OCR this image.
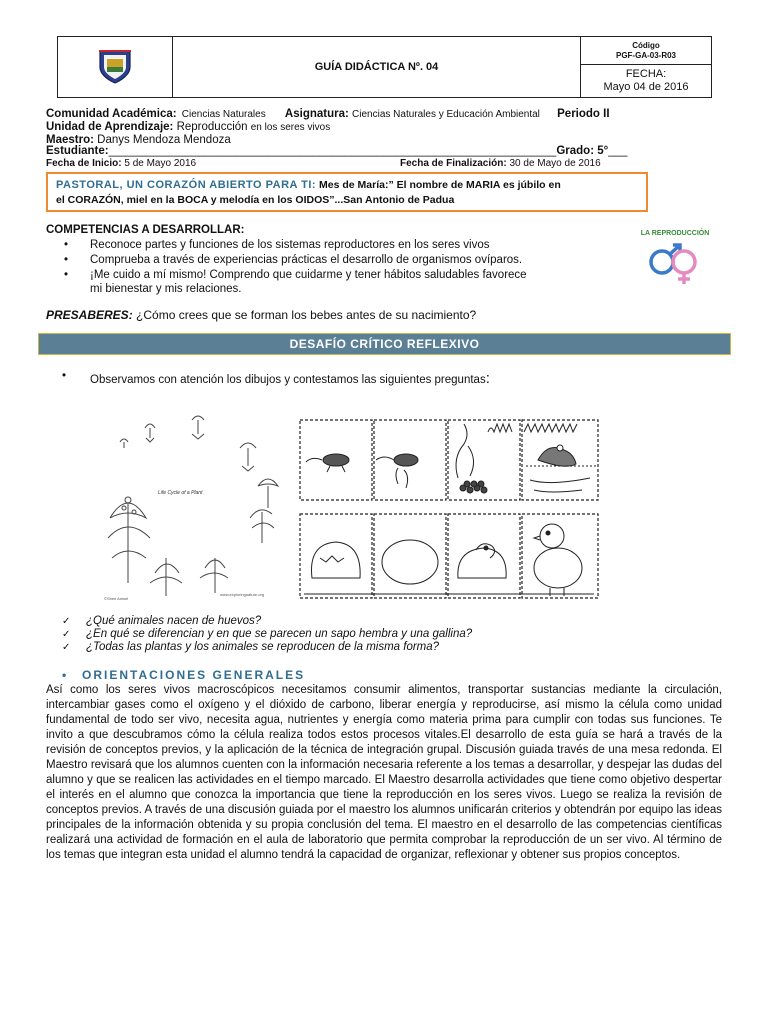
GUÍA DIDÁCTICA Nº. 04
Código
PGF-GA-03-R03
FECHA:
Mayo 04 de 2016
Comunidad Académica: Ciencias Naturales Asignatura: Ciencias Naturales y Educación Ambiental Periodo II
Unidad de Aprendizaje: Reproducción en los seres vivos
Maestro: Danys Mendoza Mendoza
Estudiante:______________________________________________________________________Grado: 5°___
Fecha de Inicio: 5 de Mayo 2016	Fecha de Finalización: 30 de Mayo de 2016
PASTORAL, UN CORAZÓN ABIERTO PARA TI: Mes de María:” El nombre de MARIA es júbilo en
el CORAZÓN, miel en la BOCA y melodía en los OIDOS”...San Antonio de Padua
COMPETENCIAS A DESARROLLAR:
• Reconoce partes y funciones de los sistemas reproductores en los seres vivos
• Comprueba a través de experiencias prácticas el desarrollo de organismos ovíparos.
• ¡Me cuido a mí mismo! Comprendo que cuidarme y tener hábitos saludables favorece
mi bienestar y mis relaciones.
LA REPRODUCCIÓN
PRESABERES: ¿Cómo crees que se forman los bebes antes de su nacimiento?
DESAFÍO CRÍTICO REFLEXIVO
• Observamos con atención los dibujos y contestamos las siguientes preguntas:
Life Cycle of a Plant
©Sheri Amsel
www.exploringnature.org
✓ ¿Qué animales nacen de huevos?
✓ ¿En qué se diferencian y en que se parecen un sapo hembra y una gallina?
✓ ¿Todas las plantas y los animales se reproducen de la misma forma?
• ORIENTACIONES GENERALES
Así como los seres vivos macroscópicos necesitamos consumir alimentos, transportar sustancias mediante la circulación, intercambiar gases como el oxígeno y el dióxido de carbono, liberar energía y reproducirse, así mismo la célula como unidad fundamental de todo ser vivo, necesita agua, nutrientes y energía como materia prima para cumplir con todas sus funciones. Te invito a que descubramos cómo la célula realiza todos estos procesos vitales.El desarrollo de esta guía se hará a través de la revisión de conceptos previos, y la aplicación de la técnica de integración grupal. Discusión guiada través de una mesa redonda. El Maestro revisará que los alumnos cuenten con la información necesaria referente a los temas a desarrollar, y despejar las dudas del alumno y que se realicen las actividades en el tiempo marcado. El Maestro desarrolla actividades que tiene como objetivo despertar el interés en el alumno que conozca la importancia que tiene la reproducción en los seres vivos. Luego se realiza la revisión de conceptos previos. A través de una discusión guiada por el maestro los alumnos unificarán criterios y obtendrán por equipo las ideas principales de la información obtenida y su propia conclusión del tema. El maestro en el desarrollo de las competencias científicas realizará una actividad de formación en el aula de laboratorio que permita comprobar la reproducción de un ser vivo. Al término de los temas que integran esta unidad el alumno tendrá la capacidad de organizar, reflexionar y obtener sus propios conceptos.
